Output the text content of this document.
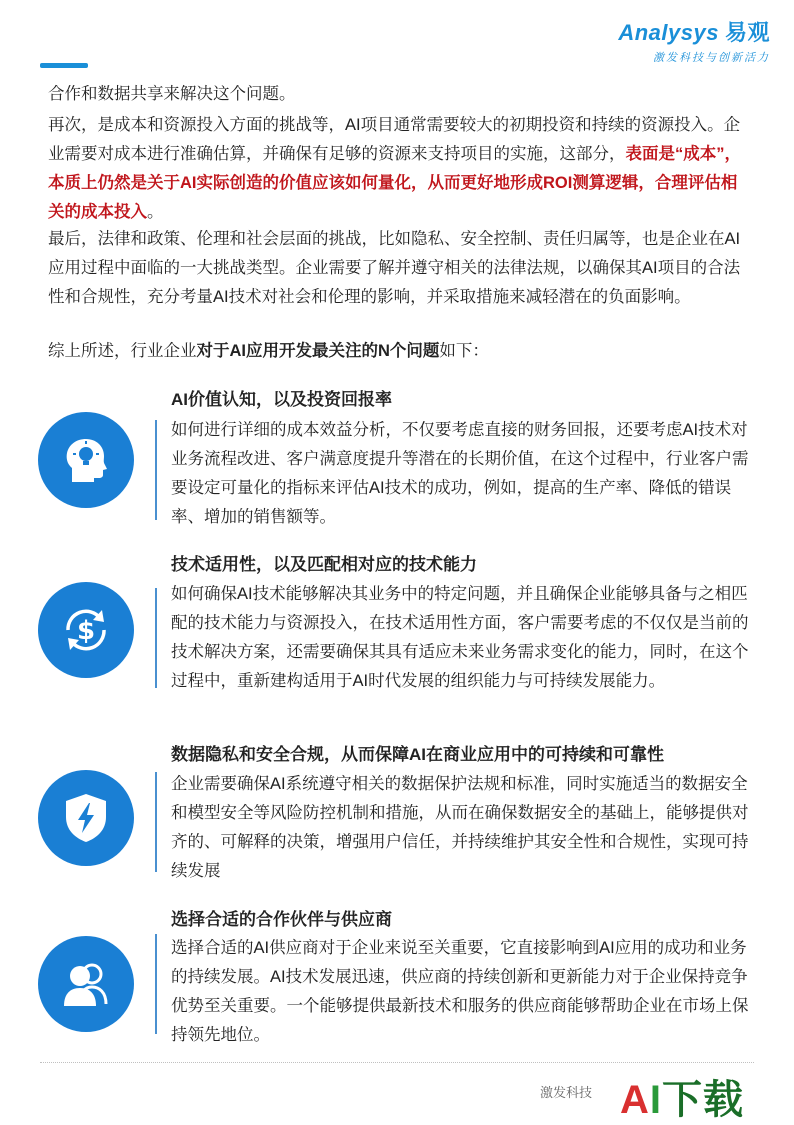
Analysys 易观
激发科技与创新活力

合作和数据共享来解决这个问题。

再次，是成本和资源投入方面的挑战等，AI项目通常需要较大的初期投资和持续的资源投入。企业需要对成本进行准确估算，并确保有足够的资源来支持项目的实施，这部分，表面是“成本”，本质上仍然是关于AI实际创造的价值应该如何量化，从而更好地形成ROI测算逻辑，合理评估相关的成本投入。

最后，法律和政策、伦理和社会层面的挑战，比如隐私、安全控制、责任归属等，也是企业在AI应用过程中面临的一大挑战类型。企业需要了解并遵守相关的法律法规，以确保其AI项目的合法性和合规性，充分考量AI技术对社会和伦理的影响，并采取措施来减轻潜在的负面影响。

综上所述，行业企业对于AI应用开发最关注的N个问题如下：

AI价值认知，以及投资回报率

如何进行详细的成本效益分析，不仅要考虑直接的财务回报，还要考虑AI技术对业务流程改进、客户满意度提升等潜在的长期价值，在这个过程中，行业客户需要设定可量化的指标来评估AI技术的成功，例如，提高的生产率、降低的错误率、增加的销售额等。

$
技术适用性，以及匹配相对应的技术能力

如何确保AI技术能够解决其业务中的特定问题，并且确保企业能够具备与之相匹配的技术能力与资源投入，在技术适用性方面，客户需要考虑的不仅仅是当前的技术解决方案，还需要确保其具有适应未来业务需求变化的能力，同时，在这个过程中，重新建构适用于AI时代发展的组织能力与可持续发展能力。

数据隐私和安全合规，从而保障AI在商业应用中的可持续和可靠性

企业需要确保AI系统遵守相关的数据保护法规和标准，同时实施适当的数据安全和模型安全等风险防控机制和措施，从而在确保数据安全的基础上，能够提供对齐的、可解释的决策，增强用户信任，并持续维护其安全性和合规性，实现可持续发展

选择合适的合作伙伴与供应商

选择合适的AI供应商对于企业来说至关重要，它直接影响到AI应用的成功和业务的持续发展。AI技术发展迅速，供应商的持续创新和更新能力对于企业保持竞争优势至关重要。一个能够提供最新技术和服务的供应商能够帮助企业在市场上保持领先地位。

激发科技 AI下载
